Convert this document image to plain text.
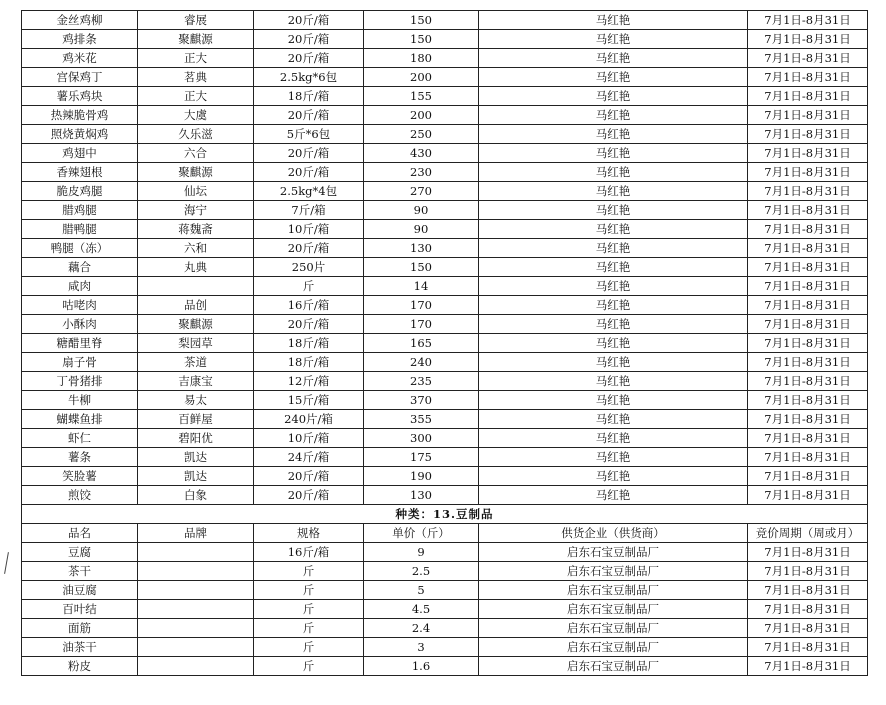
金丝鸡柳	睿展	20斤/箱	150	马红艳	7月1日-8月31日
鸡排条	聚麒源	20斤/箱	150	马红艳	7月1日-8月31日
鸡米花	正大	20斤/箱	180	马红艳	7月1日-8月31日
宫保鸡丁	茗典	2.5kg*6包	200	马红艳	7月1日-8月31日
薯乐鸡块	正大	18斤/箱	155	马红艳	7月1日-8月31日
热辣脆骨鸡	大虞	20斤/箱	200	马红艳	7月1日-8月31日
照烧黄焖鸡	久乐滋	5斤*6包	250	马红艳	7月1日-8月31日
鸡翅中	六合	20斤/箱	430	马红艳	7月1日-8月31日
香辣翅根	聚麒源	20斤/箱	230	马红艳	7月1日-8月31日
脆皮鸡腿	仙坛	2.5kg*4包	270	马红艳	7月1日-8月31日
腊鸡腿	海宁	7斤/箱	90	马红艳	7月1日-8月31日
腊鸭腿	蒋魏斋	10斤/箱	90	马红艳	7月1日-8月31日
鸭腿（冻）	六和	20斤/箱	130	马红艳	7月1日-8月31日
藕合	丸典	250片	150	马红艳	7月1日-8月31日
咸肉		斤	14	马红艳	7月1日-8月31日
咕咾肉	品创	16斤/箱	170	马红艳	7月1日-8月31日
小酥肉	聚麒源	20斤/箱	170	马红艳	7月1日-8月31日
糖醋里脊	梨园草	18斤/箱	165	马红艳	7月1日-8月31日
扇子骨	茶道	18斤/箱	240	马红艳	7月1日-8月31日
丁骨猪排	吉康宝	12斤/箱	235	马红艳	7月1日-8月31日
牛柳	易太	15斤/箱	370	马红艳	7月1日-8月31日
蝴蝶鱼排	百鲜屋	240片/箱	355	马红艳	7月1日-8月31日
虾仁	碧阳优	10斤/箱	300	马红艳	7月1日-8月31日
薯条	凯达	24斤/箱	175	马红艳	7月1日-8月31日
笑脸薯	凯达	20斤/箱	190	马红艳	7月1日-8月31日
煎饺	白象	20斤/箱	130	马红艳	7月1日-8月31日
种类：13.豆制品					
品名	品牌	规格	单价（斤）	供货企业（供货商）	竞价周期（周或月）
豆腐		16斤/箱	9	启东石宝豆制品厂	7月1日-8月31日
茶干		斤	2.5	启东石宝豆制品厂	7月1日-8月31日
油豆腐		斤	5	启东石宝豆制品厂	7月1日-8月31日
百叶结		斤	4.5	启东石宝豆制品厂	7月1日-8月31日
面筋		斤	2.4	启东石宝豆制品厂	7月1日-8月31日
油茶干		斤	3	启东石宝豆制品厂	7月1日-8月31日
粉皮		斤	1.6	启东石宝豆制品厂	7月1日-8月31日
